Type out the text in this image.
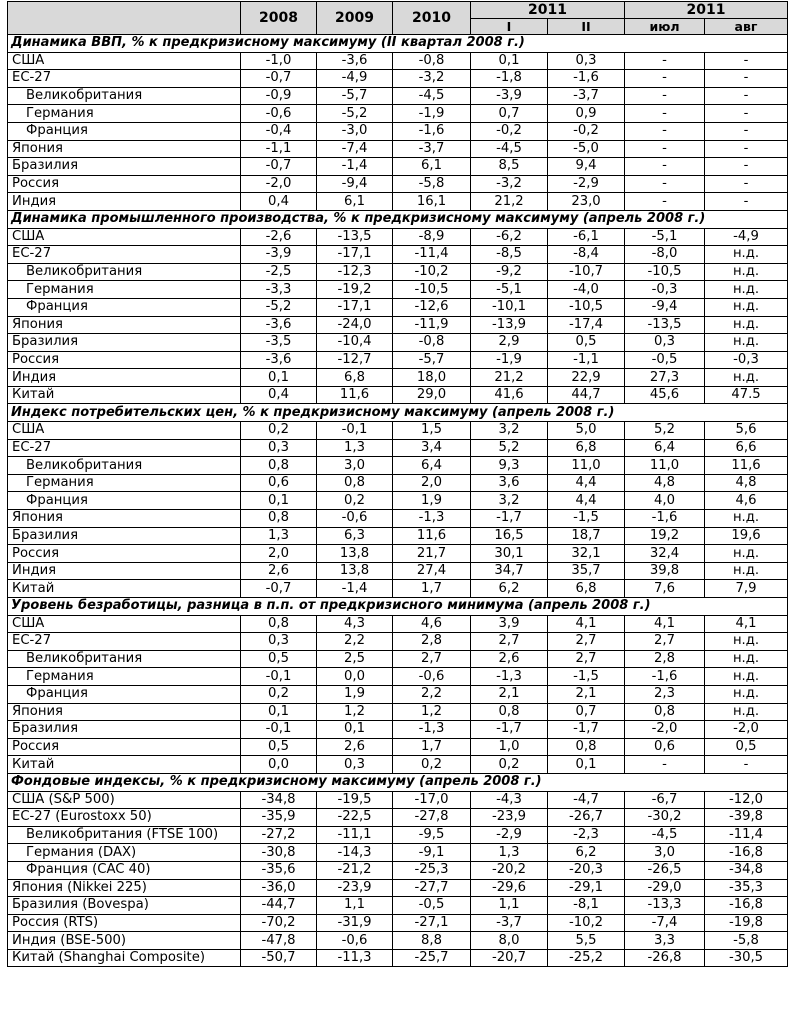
	2008	2009	2010	2011		2011	
				I	II	июл	авг
Динамика ВВП, % к предкризисному максимуму (II квартал 2008 г.)							
США	-1,0	-3,6	-0,8	0,1	0,3	-	-
ЕС-27	-0,7	-4,9	-3,2	-1,8	-1,6	-	-
Великобритания	-0,9	-5,7	-4,5	-3,9	-3,7	-	-
Германия	-0,6	-5,2	-1,9	0,7	0,9	-	-
Франция	-0,4	-3,0	-1,6	-0,2	-0,2	-	-
Япония	-1,1	-7,4	-3,7	-4,5	-5,0	-	-
Бразилия	-0,7	-1,4	6,1	8,5	9,4	-	-
Россия	-2,0	-9,4	-5,8	-3,2	-2,9	-	-
Индия	0,4	6,1	16,1	21,2	23,0	-	-
Динамика промышленного производства, % к предкризисному максимуму (апрель 2008 г.)							
США	-2,6	-13,5	-8,9	-6,2	-6,1	-5,1	-4,9
ЕС-27	-3,9	-17,1	-11,4	-8,5	-8,4	-8,0	н.д.
Великобритания	-2,5	-12,3	-10,2	-9,2	-10,7	-10,5	н.д.
Германия	-3,3	-19,2	-10,5	-5,1	-4,0	-0,3	н.д.
Франция	-5,2	-17,1	-12,6	-10,1	-10,5	-9,4	н.д.
Япония	-3,6	-24,0	-11,9	-13,9	-17,4	-13,5	н.д.
Бразилия	-3,5	-10,4	-0,8	2,9	0,5	0,3	н.д.
Россия	-3,6	-12,7	-5,7	-1,9	-1,1	-0,5	-0,3
Индия	0,1	6,8	18,0	21,2	22,9	27,3	н.д.
Китай	0,4	11,6	29,0	41,6	44,7	45,6	47.5
Индекс потребительских цен, % к предкризисному максимуму (апрель 2008 г.)							
США	0,2	-0,1	1,5	3,2	5,0	5,2	5,6
ЕС-27	0,3	1,3	3,4	5,2	6,8	6,4	6,6
Великобритания	0,8	3,0	6,4	9,3	11,0	11,0	11,6
Германия	0,6	0,8	2,0	3,6	4,4	4,8	4,8
Франция	0,1	0,2	1,9	3,2	4,4	4,0	4,6
Япония	0,8	-0,6	-1,3	-1,7	-1,5	-1,6	н.д.
Бразилия	1,3	6,3	11,6	16,5	18,7	19,2	19,6
Россия	2,0	13,8	21,7	30,1	32,1	32,4	н.д.
Индия	2,6	13,8	27,4	34,7	35,7	39,8	н.д.
Китай	-0,7	-1,4	1,7	6,2	6,8	7,6	7,9
Уровень безработицы, разница в п.п. от предкризисного минимума (апрель 2008 г.)							
США	0,8	4,3	4,6	3,9	4,1	4,1	4,1
ЕС-27	0,3	2,2	2,8	2,7	2,7	2,7	н.д.
Великобритания	0,5	2,5	2,7	2,6	2,7	2,8	н.д.
Германия	-0,1	0,0	-0,6	-1,3	-1,5	-1,6	н.д.
Франция	0,2	1,9	2,2	2,1	2,1	2,3	н.д.
Япония	0,1	1,2	1,2	0,8	0,7	0,8	н.д.
Бразилия	-0,1	0,1	-1,3	-1,7	-1,7	-2,0	-2,0
Россия	0,5	2,6	1,7	1,0	0,8	0,6	0,5
Китай	0,0	0,3	0,2	0,2	0,1	-	-
Фондовые индексы, % к предкризисному максимуму (апрель 2008 г.)							
США (S&P 500)	-34,8	-19,5	-17,0	-4,3	-4,7	-6,7	-12,0
ЕС-27 (Eurostoxx 50)	-35,9	-22,5	-27,8	-23,9	-26,7	-30,2	-39,8
Великобритания (FTSE 100)	-27,2	-11,1	-9,5	-2,9	-2,3	-4,5	-11,4
Германия (DAX)	-30,8	-14,3	-9,1	1,3	6,2	3,0	-16,8
Франция (CAC 40)	-35,6	-21,2	-25,3	-20,2	-20,3	-26,5	-34,8
Япония (Nikkei 225)	-36,0	-23,9	-27,7	-29,6	-29,1	-29,0	-35,3
Бразилия (Bovespa)	-44,7	1,1	-0,5	1,1	-8,1	-13,3	-16,8
Россия (RTS)	-70,2	-31,9	-27,1	-3,7	-10,2	-7,4	-19,8
Индия (BSE-500)	-47,8	-0,6	8,8	8,0	5,5	3,3	-5,8
Китай (Shanghai Composite)	-50,7	-11,3	-25,7	-20,7	-25,2	-26,8	-30,5
